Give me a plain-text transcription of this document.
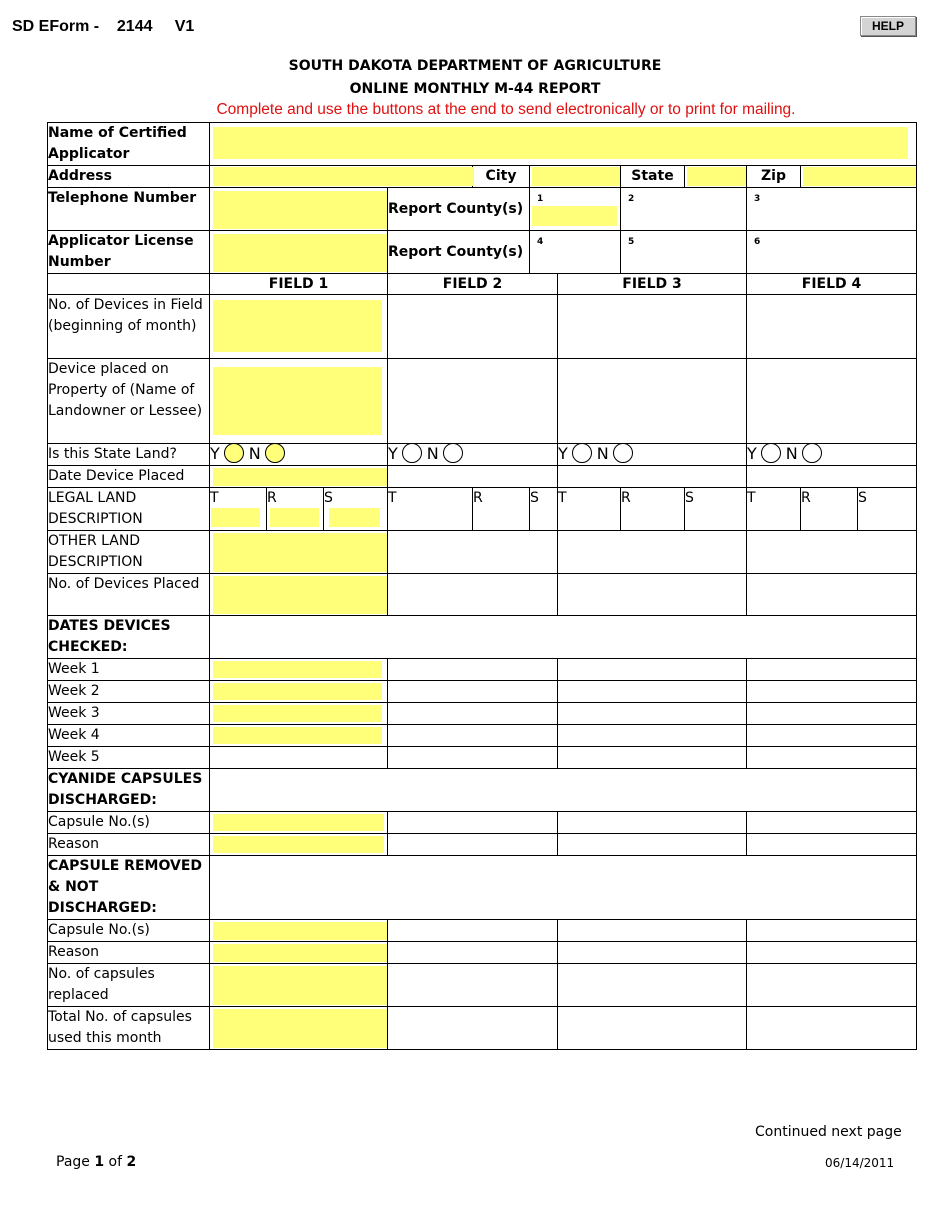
SD EForm -    2144     V1	HELP
SOUTH DAKOTA DEPARTMENT OF AGRICULTURE
ONLINE MONTHLY M-44 REPORT
Complete and use the buttons at the end to send electronically or to print for mailing.
Name of Certified Applicator												

Address					City			State		Zip		

Telephone Number				Report County(s)		1		2		3		

Applicator License Number				Report County(s)		4		5		6		

	FIELD 1			FIELD 2			FIELD 3			FIELD 4		
No. of Devices in Field (beginning of month)									

Device placed on Property of (Name of Landowner or Lessee)									

Is this State Land?	Y N			Y N			Y N			Y N		
Date Device Placed									

LEGAL LAND DESCRIPTION	T	R	S	T	R	S	T	R	S	T	R	S
OTHER LAND DESCRIPTION									

No. of Devices Placed									

DATES DEVICES CHECKED:												
Week 1									

Week 2									

Week 3									

Week 4									

Week 5												
CYANIDE CAPSULES DISCHARGED:												
Capsule No.(s)									

Reason									

CAPSULE REMOVED & NOT DISCHARGED:												
Capsule No.(s)									

Reason									

No. of capsules replaced									

Total No. of capsules used this month									

Continued next page
Page 1 of 2	06/14/2011
